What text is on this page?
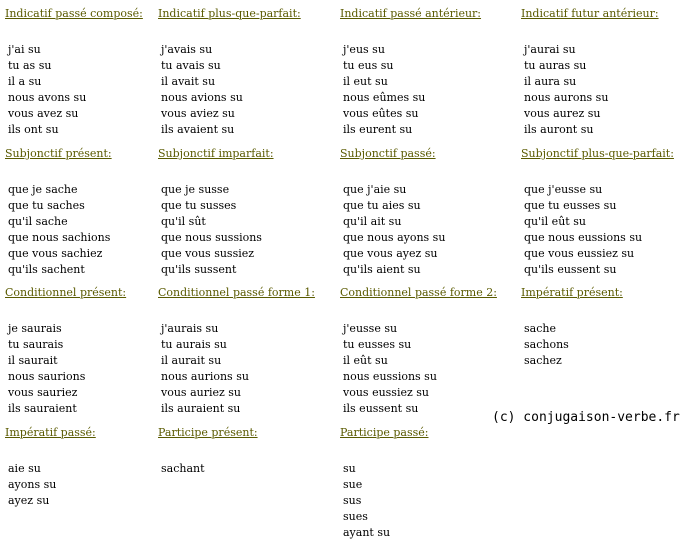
Indicatif passé composé:
j'ai su
tu as su
il a su
nous avons su
vous avez su
ils ont su
Indicatif plus-que-parfait:
j'avais su
tu avais su
il avait su
nous avions su
vous aviez su
ils avaient su
Indicatif passé antérieur:
j'eus su
tu eus su
il eut su
nous eûmes su
vous eûtes su
ils eurent su
Indicatif futur antérieur:
j'aurai su
tu auras su
il aura su
nous aurons su
vous aurez su
ils auront su
Subjonctif présent:
que je sache
que tu saches
qu'il sache
que nous sachions
que vous sachiez
qu'ils sachent
Subjonctif imparfait:
que je susse
que tu susses
qu'il sût
que nous sussions
que vous sussiez
qu'ils sussent
Subjonctif passé:
que j'aie su
que tu aies su
qu'il ait su
que nous ayons su
que vous ayez su
qu'ils aient su
Subjonctif plus-que-parfait:
que j'eusse su
que tu eusses su
qu'il eût su
que nous eussions su
que vous eussiez su
qu'ils eussent su
Conditionnel présent:
je saurais
tu saurais
il saurait
nous saurions
vous sauriez
ils sauraient
Conditionnel passé forme 1:
j'aurais su
tu aurais su
il aurait su
nous aurions su
vous auriez su
ils auraient su
Conditionnel passé forme 2:
j'eusse su
tu eusses su
il eût su
nous eussions su
vous eussiez su
ils eussent su
Impératif présent:
sache
sachons
sachez
Impératif passé:
aie su
ayons su
ayez su
Participe présent:
sachant
Participe passé:
su
sue
sus
sues
ayant su
(c) conjugaison-verbe.fr
